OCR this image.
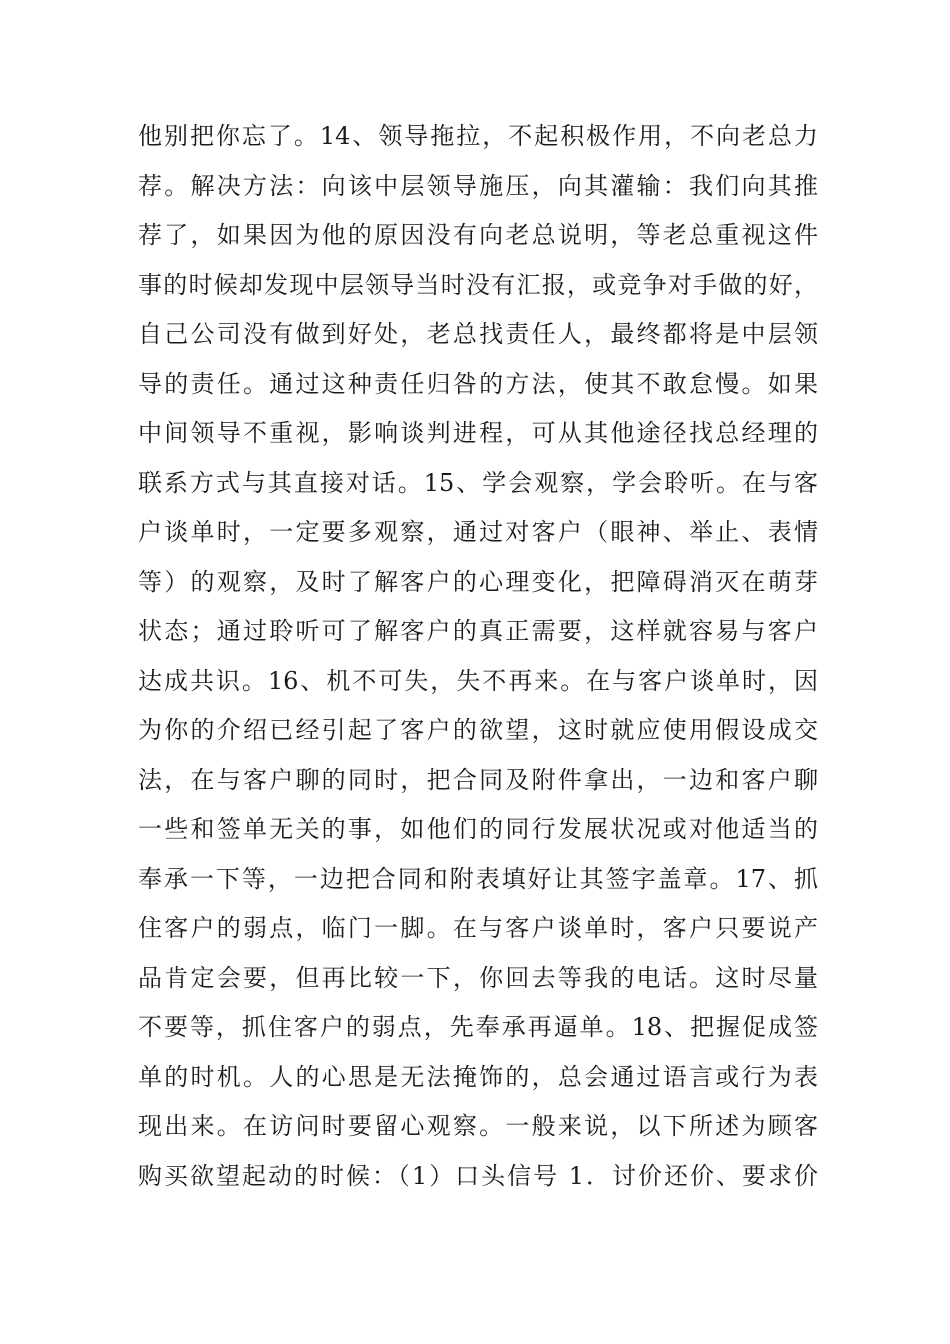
他别把你忘了。14、领导拖拉，不起积极作用，不向老总力
荐。解决方法：向该中层领导施压，向其灌输：我们向其推
荐了，如果因为他的原因没有向老总说明，等老总重视这件
事的时候却发现中层领导当时没有汇报，或竞争对手做的好，
自己公司没有做到好处，老总找责任人，最终都将是中层领
导的责任。通过这种责任归咎的方法，使其不敢怠慢。如果
中间领导不重视，影响谈判进程，可从其他途径找总经理的
联系方式与其直接对话。15、学会观察，学会聆听。在与客
户谈单时，一定要多观察，通过对客户（眼神、举止、表情
等）的观察，及时了解客户的心理变化，把障碍消灭在萌芽
状态；通过聆听可了解客户的真正需要，这样就容易与客户
达成共识。16、机不可失，失不再来。在与客户谈单时，因
为你的介绍已经引起了客户的欲望，这时就应使用假设成交
法，在与客户聊的同时，把合同及附件拿出，一边和客户聊
一些和签单无关的事，如他们的同行发展状况或对他适当的
奉承一下等，一边把合同和附表填好让其签字盖章。17、抓
住客户的弱点，临门一脚。在与客户谈单时，客户只要说产
品肯定会要，但再比较一下，你回去等我的电话。这时尽量
不要等，抓住客户的弱点，先奉承再逼单。18、把握促成签
单的时机。人的心思是无法掩饰的，总会通过语言或行为表
现出来。在访问时要留心观察。一般来说，以下所述为顾客
购买欲望起动的时候：（1）口头信号 1．讨价还价、要求价
